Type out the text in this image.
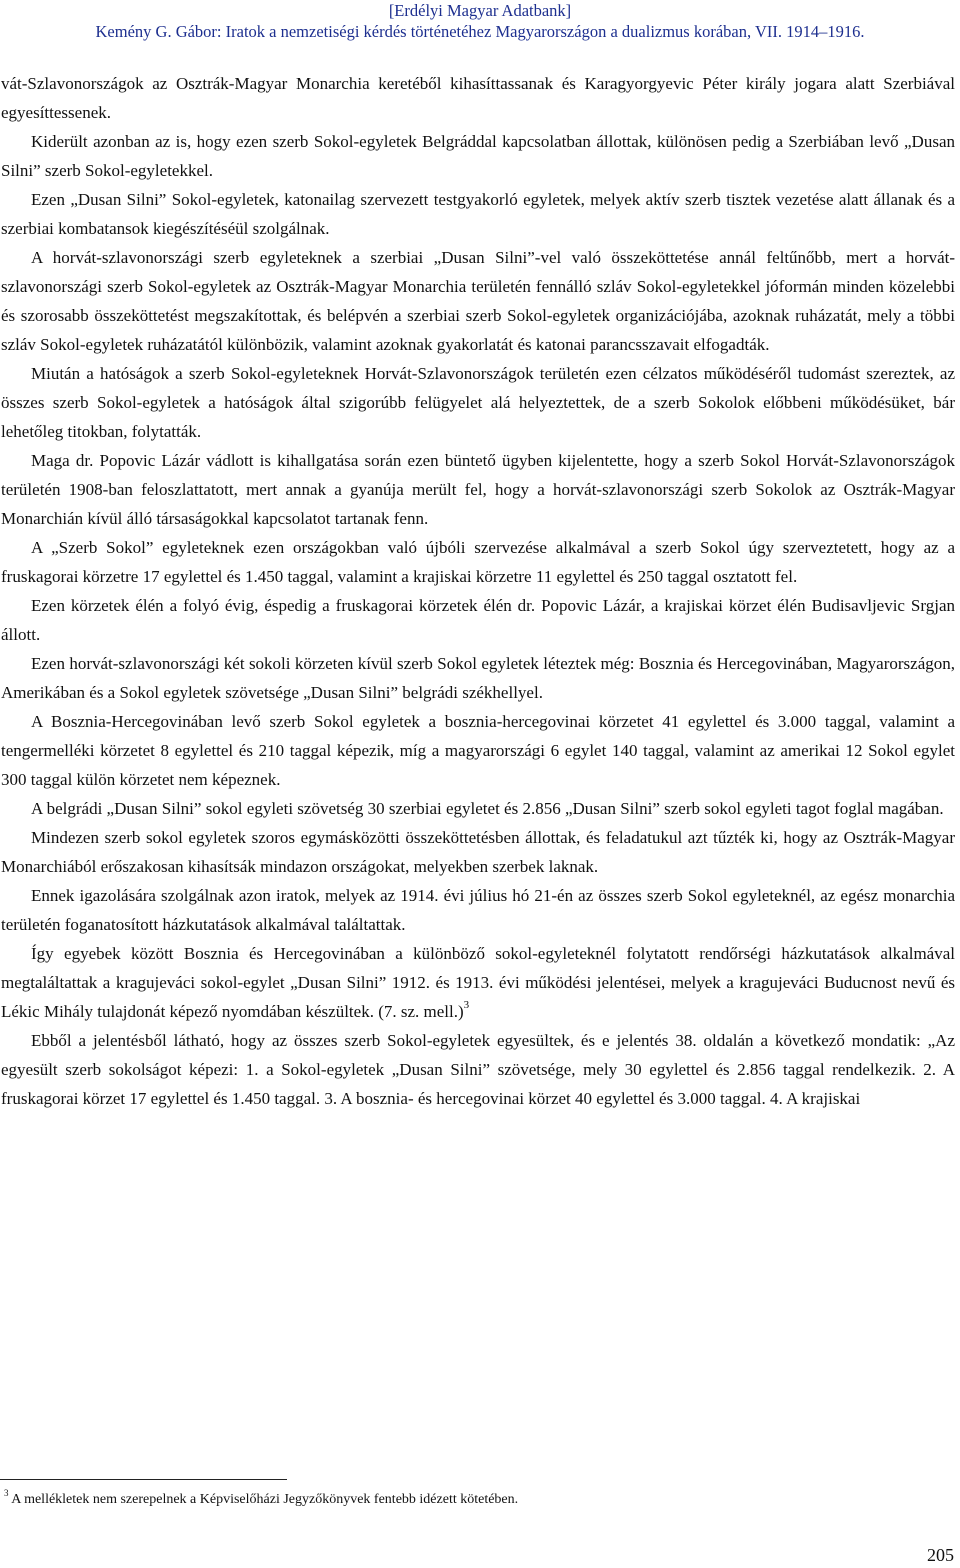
[Erdélyi Magyar Adatbank]
Kemény G. Gábor: Iratok a nemzetiségi kérdés történetéhez Magyarországon a dualizmus korában, VII. 1914–1916.

vát-Szlavonországok az Osztrák-Magyar Monarchia keretéből kihasíttassanak és Karagyorgyevic Péter király jogara alatt Szerbiával egyesíttessenek.

Kiderült azonban az is, hogy ezen szerb Sokol-egyletek Belgráddal kapcsolatban állottak, különösen pedig a Szerbiában levő „Dusan Silni” szerb Sokol-egyletekkel.

Ezen „Dusan Silni” Sokol-egyletek, katonailag szervezett testgyakorló egyletek, melyek aktív szerb tisztek vezetése alatt állanak és a szerbiai kombatansok kiegészítéséül szolgálnak.

A horvát-szlavonországi szerb egyleteknek a szerbiai „Dusan Silni”-vel való összeköttetése annál feltűnőbb, mert a horvát-szlavonországi szerb Sokol-egyletek az Osztrák-Magyar Monarchia területén fennálló szláv Sokol-egyletekkel jóformán minden közelebbi és szorosabb összeköttetést megszakítottak, és belépvén a szerbiai szerb Sokol-egyletek organizációjába, azoknak ruházatát, mely a többi szláv Sokol-egyletek ruházatától különbözik, valamint azoknak gyakorlatát és katonai parancsszavait elfogadták.

Miután a hatóságok a szerb Sokol-egyleteknek Horvát-Szlavonországok területén ezen célzatos működéséről tudomást szereztek, az összes szerb Sokol-egyletek a hatóságok által szigorúbb felügyelet alá helyeztettek, de a szerb Sokolok előbbeni működésüket, bár lehetőleg titokban, folytatták.

Maga dr. Popovic Lázár vádlott is kihallgatása során ezen büntető ügyben kijelentette, hogy a szerb Sokol Horvát-Szlavonországok területén 1908-ban feloszlattatott, mert annak a gyanúja merült fel, hogy a horvát-szlavonországi szerb Sokolok az Osztrák-Magyar Monarchián kívül álló társaságokkal kapcsolatot tartanak fenn.

A „Szerb Sokol” egyleteknek ezen országokban való újbóli szervezése alkalmával a szerb Sokol úgy szerveztetett, hogy az a fruskagorai körzetre 17 egylettel és 1.450 taggal, valamint a krajiskai körzetre 11 egylettel és 250 taggal osztatott fel.

Ezen körzetek élén a folyó évig, éspedig a fruskagorai körzetek élén dr. Popovic Lázár, a krajiskai körzet élén Budisavljevic Srgjan állott.

Ezen horvát-szlavonországi két sokoli körzeten kívül szerb Sokol egyletek léteztek még: Bosznia és Hercegovinában, Magyarországon, Amerikában és a Sokol egyletek szövetsége „Dusan Silni” belgrádi székhellyel.

A Bosznia-Hercegovinában levő szerb Sokol egyletek a bosznia-hercegovinai körzetet 41 egylettel és 3.000 taggal, valamint a tengermelléki körzetet 8 egylettel és 210 taggal képezik, míg a magyarországi 6 egylet 140 taggal, valamint az amerikai 12 Sokol egylet 300 taggal külön körzetet nem képeznek.

A belgrádi „Dusan Silni” sokol egyleti szövetség 30 szerbiai egyletet és 2.856 „Dusan Silni” szerb sokol egyleti tagot foglal magában.

Mindezen szerb sokol egyletek szoros egymásközötti összeköttetésben állottak, és feladatukul azt tűzték ki, hogy az Osztrák-Magyar Monarchiából erőszakosan kihasítsák mindazon országokat, melyekben szerbek laknak.

Ennek igazolására szolgálnak azon iratok, melyek az 1914. évi július hó 21-én az összes szerb Sokol egyleteknél, az egész monarchia területén foganatosított házkutatások alkalmával találtattak.

Így egyebek között Bosznia és Hercegovinában a különböző sokol-egyleteknél folytatott rendőrségi házkutatások alkalmával megtaláltattak a kragujeváci sokol-egylet „Dusan Silni” 1912. és 1913. évi működési jelentései, melyek a kragujeváci Buducnost nevű és Lékic Mihály tulajdonát képező nyomdában készültek. (7. sz. mell.)$^3$

Ebből a jelentésből látható, hogy az összes szerb Sokol-egyletek egyesültek, és e jelentés 38. oldalán a következő mondatik: „Az egyesült szerb sokolságot képezi: 1. a Sokol-egyletek „Dusan Silni” szövetsége, mely 30 egylettel és 2.856 taggal rendelkezik. 2. A fruskagorai körzet 17 egylettel és 1.450 taggal. 3. A bosznia- és hercegovinai körzet 40 egylettel és 3.000 taggal. 4. A krajiskai

$^3$ A mellékletek nem szerepelnek a Képviselőházi Jegyzőkönyvek fentebb idézett kötetében.
205
